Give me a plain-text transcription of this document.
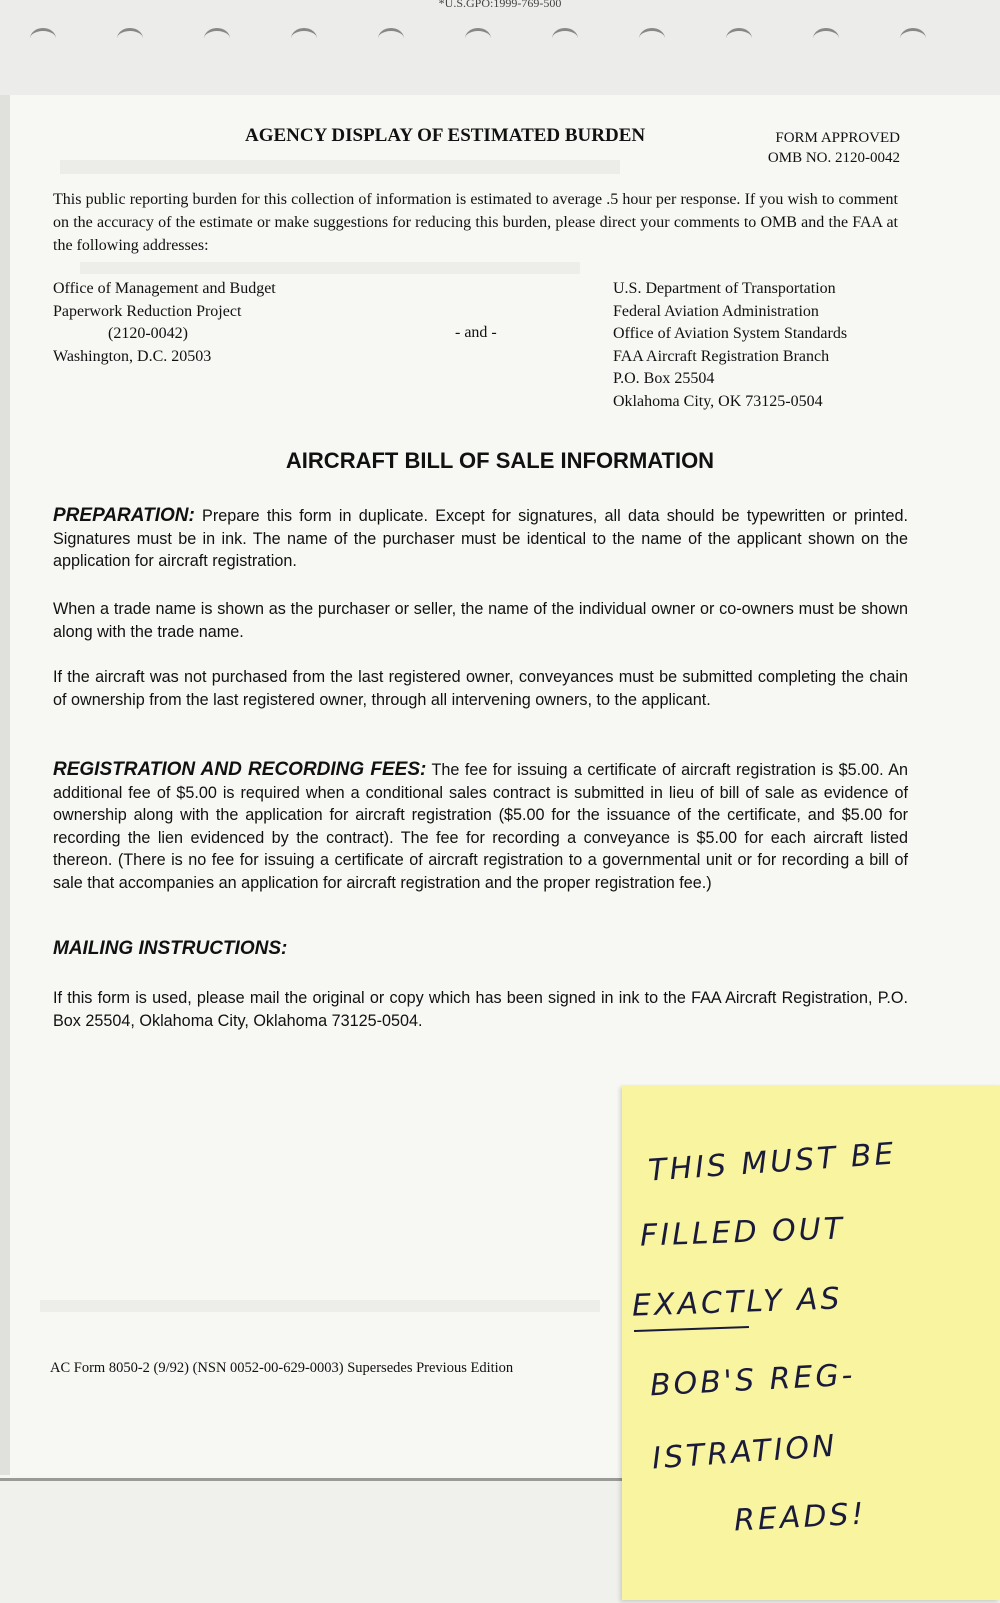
*U.S.GPO:1999-769-500
AGENCY DISPLAY OF ESTIMATED BURDEN	FORM APPROVED
OMB NO. 2120-0042
This public reporting burden for this collection of information is estimated to average .5 hour per response. If you wish to comment on the accuracy of the estimate or make suggestions for reducing this burden, please direct your comments to OMB and the FAA at the following addresses:
Office of Management and Budget
Paperwork Reduction Project
(2120-0042)
Washington, D.C. 20503
- and -
U.S. Department of Transportation
Federal Aviation Administration
Office of Aviation System Standards
FAA Aircraft Registration Branch
P.O. Box 25504
Oklahoma City, OK 73125-0504
AIRCRAFT BILL OF SALE INFORMATION
PREPARATION: Prepare this form in duplicate. Except for signatures, all data should be typewritten or printed. Signatures must be in ink. The name of the purchaser must be identical to the name of the applicant shown on the application for aircraft registration.
When a trade name is shown as the purchaser or seller, the name of the individual owner or co-owners must be shown along with the trade name.
If the aircraft was not purchased from the last registered owner, conveyances must be submitted completing the chain of ownership from the last registered owner, through all intervening owners, to the applicant.
REGISTRATION AND RECORDING FEES: The fee for issuing a certificate of aircraft registration is $5.00. An additional fee of $5.00 is required when a conditional sales contract is submitted in lieu of bill of sale as evidence of ownership along with the application for aircraft registration ($5.00 for the issuance of the certificate, and $5.00 for recording the lien evidenced by the contract). The fee for recording a conveyance is $5.00 for each aircraft listed thereon. (There is no fee for issuing a certificate of aircraft registration to a governmental unit or for recording a bill of sale that accompanies an application for aircraft registration and the proper registration fee.)
MAILING INSTRUCTIONS:
If this form is used, please mail the original or copy which has been signed in ink to the FAA Aircraft Registration, P.O. Box 25504, Oklahoma City, Oklahoma 73125-0504.
AC Form 8050-2 (9/92) (NSN 0052-00-629-0003) Supersedes Previous Edition
THIS MUST BE
FILLED OUT
EXACTLY AS
BOB'S REG-
ISTRATION
READS!
